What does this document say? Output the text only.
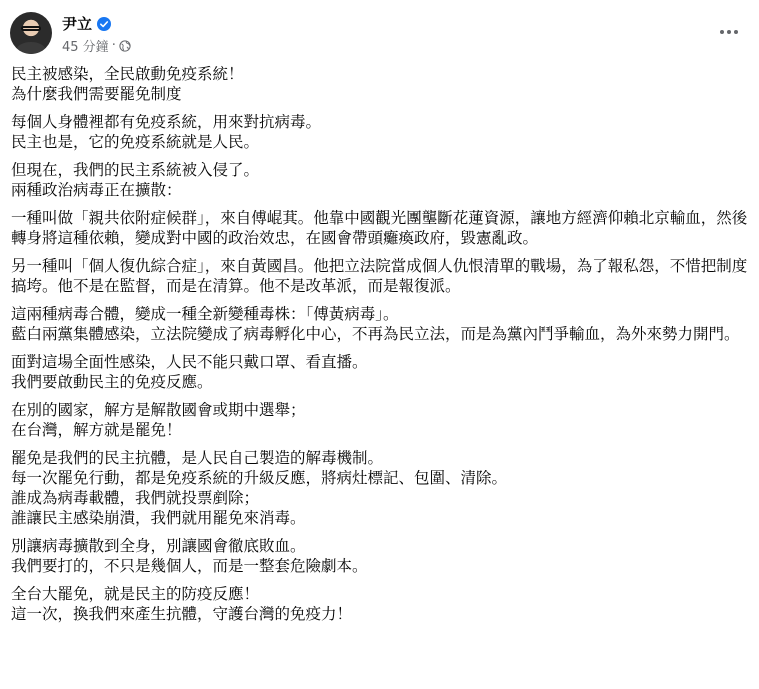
尹立
45 分鐘 ·
民主被感染，全民啟動免疫系統！
為什麼我們需要罷免制度
每個人身體裡都有免疫系統，用來對抗病毒。
民主也是，它的免疫系統就是人民。
但現在，我們的民主系統被入侵了。
兩種政治病毒正在擴散：
一種叫做「親共依附症候群」，來自傅崐萁。他靠中國觀光團壟斷花蓮資源，讓地方經濟仰賴北京輸血，然後轉身將這種依賴，變成對中國的政治效忠，在國會帶頭癱瘓政府，毀憲亂政。
另一種叫「個人復仇綜合症」，來自黃國昌。他把立法院當成個人仇恨清單的戰場，為了報私怨，不惜把制度搞垮。他不是在監督，而是在清算。他不是改革派，而是報復派。
這兩種病毒合體，變成一種全新變種毒株：「傅黃病毒」。
藍白兩黨集體感染，立法院變成了病毒孵化中心，不再為民立法，而是為黨內鬥爭輸血，為外來勢力開門。
面對這場全面性感染，人民不能只戴口罩、看直播。
我們要啟動民主的免疫反應。
在別的國家，解方是解散國會或期中選舉；
在台灣，解方就是罷免！
罷免是我們的民主抗體，是人民自己製造的解毒機制。
每一次罷免行動，都是免疫系統的升級反應，將病灶標記、包圍、清除。
誰成為病毒載體，我們就投票剷除；
誰讓民主感染崩潰，我們就用罷免來消毒。
別讓病毒擴散到全身，別讓國會徹底敗血。
我們要打的，不只是幾個人，而是一整套危險劇本。
全台大罷免，就是民主的防疫反應！
這一次，換我們來產生抗體，守護台灣的免疫力！
